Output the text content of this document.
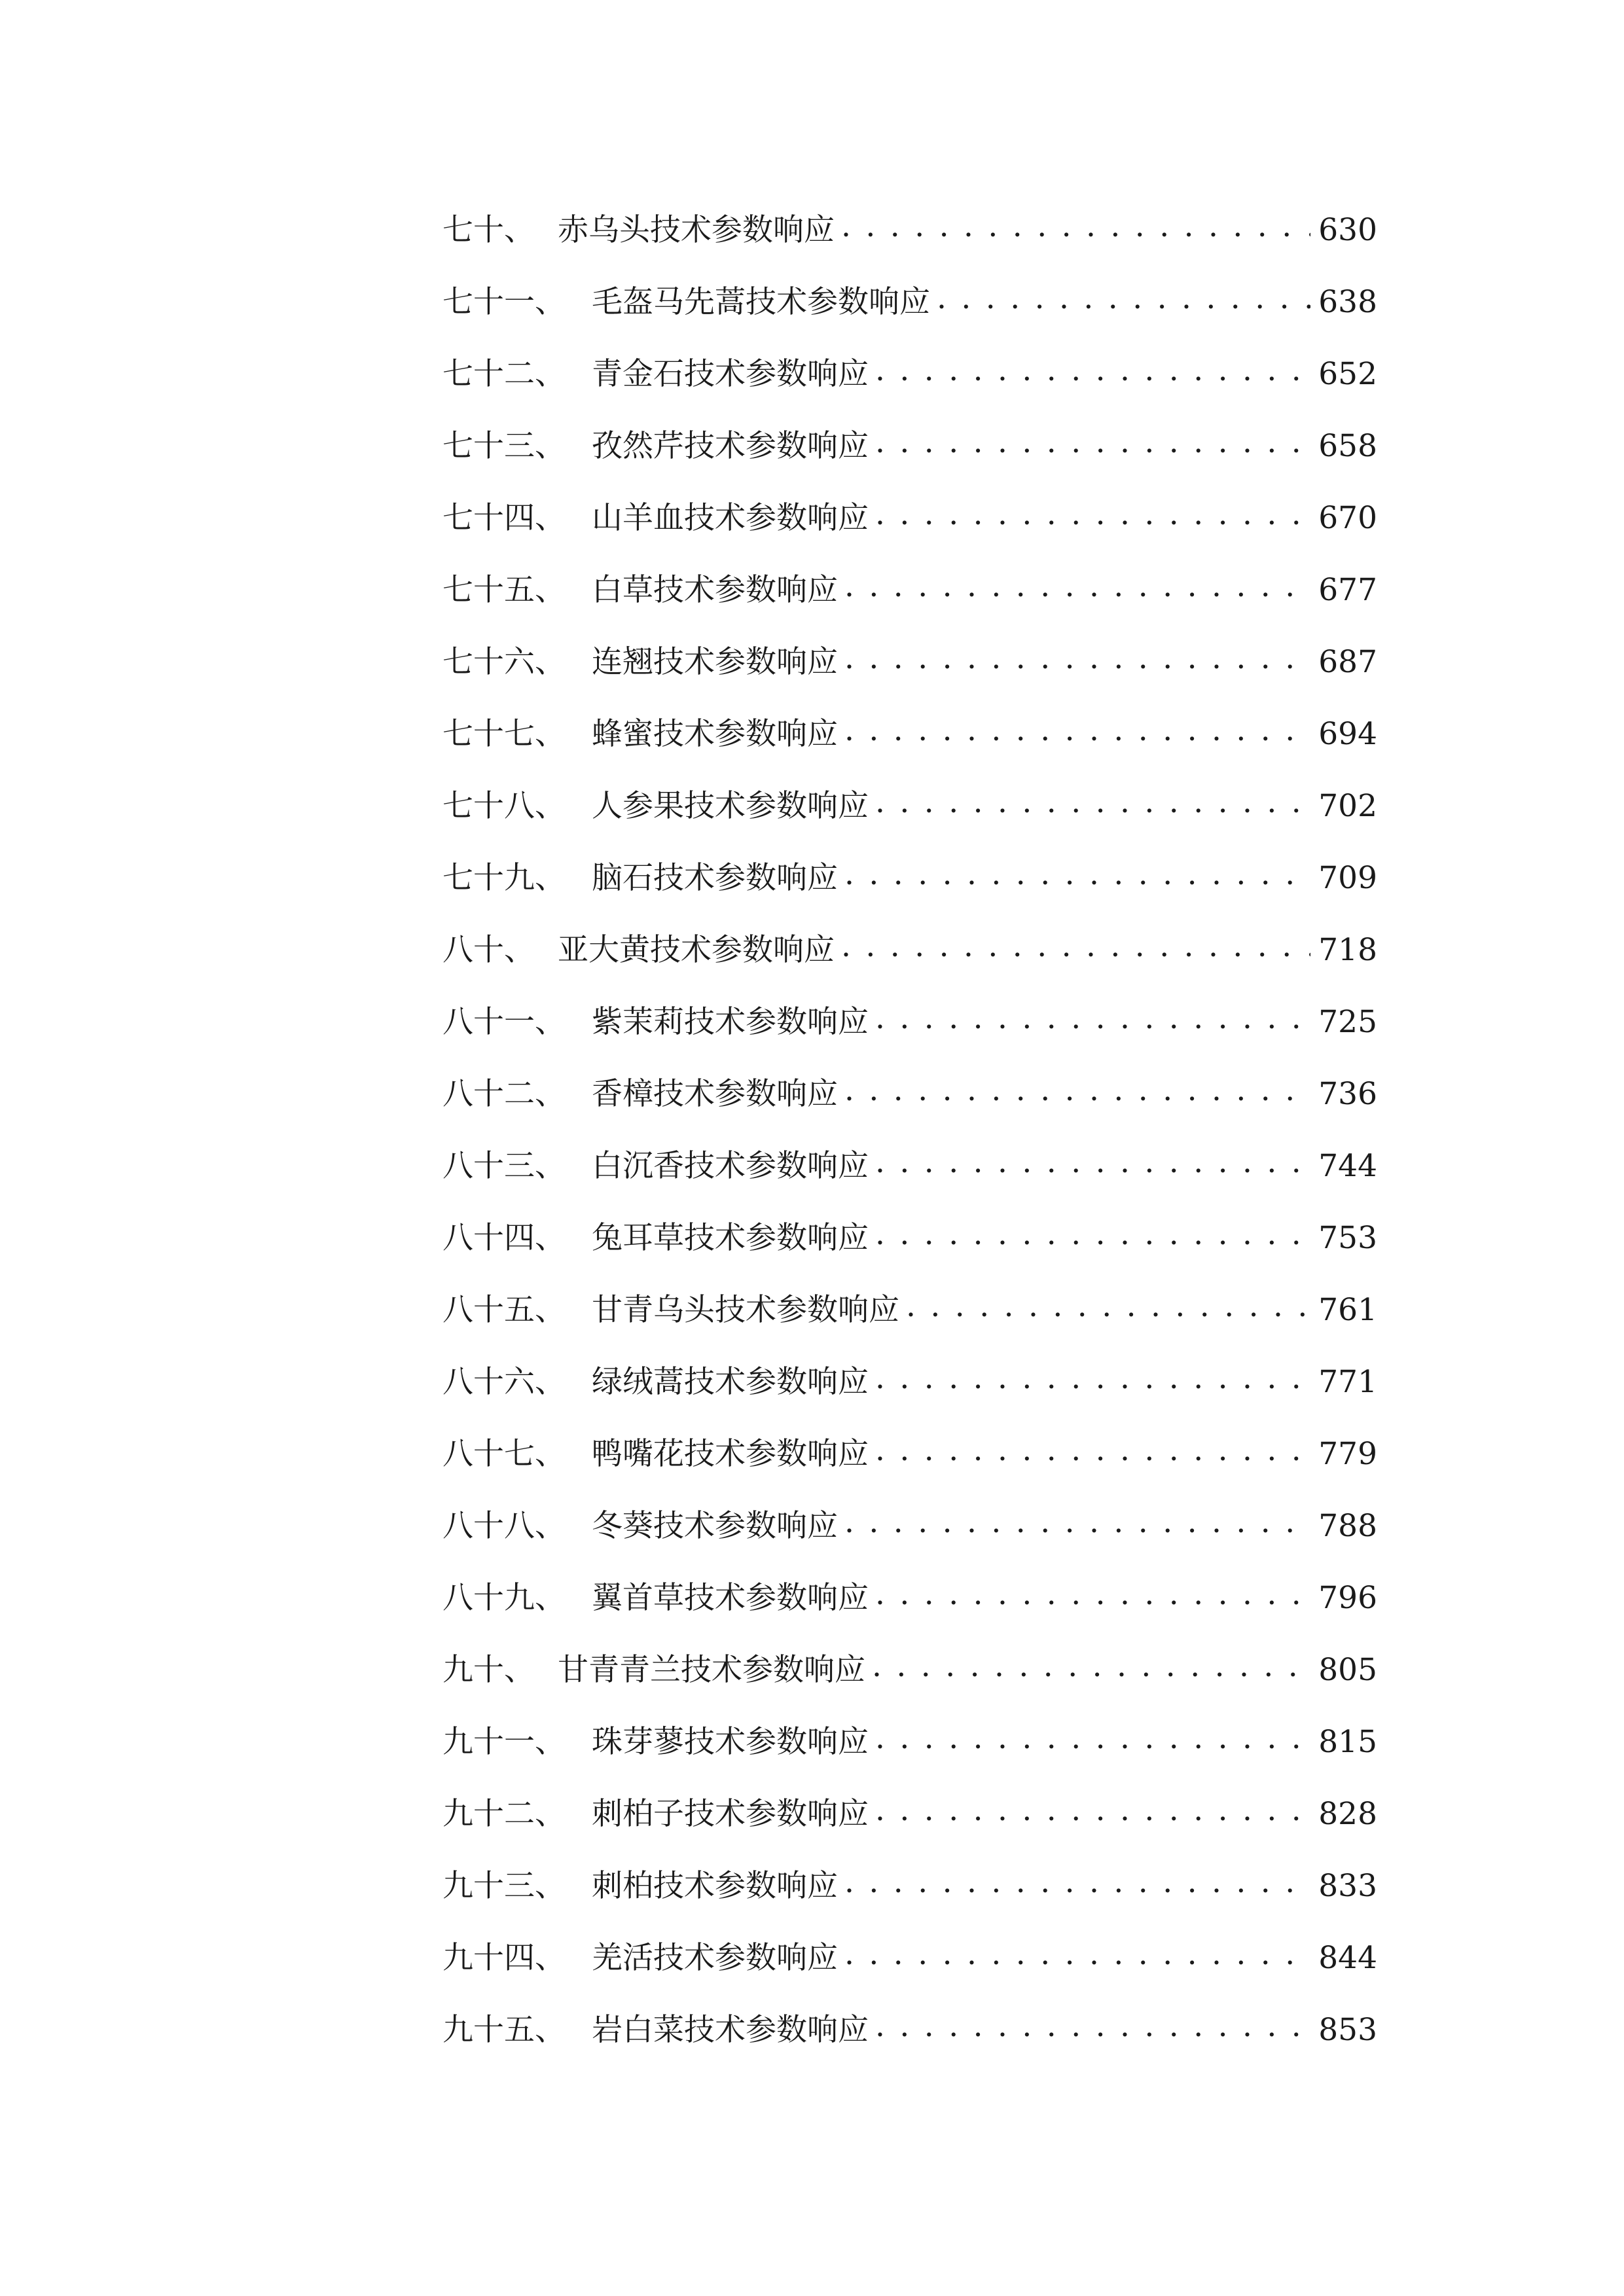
七十、 赤乌头技术参数响应 . . .	630
七十一、 毛盔马先蒿技术参数响应 . . .	638
七十二、 青金石技术参数响应 . . .	652
七十三、 孜然芹技术参数响应 . . .	658
七十四、 山羊血技术参数响应 . . .	670
七十五、 白草技术参数响应 . . .	677
七十六、 连翘技术参数响应 . . .	687
七十七、 蜂蜜技术参数响应 . . .	694
七十八、 人参果技术参数响应 . . .	702
七十九、 脑石技术参数响应 . . .	709
八十、 亚大黄技术参数响应 . . .	718
八十一、 紫茉莉技术参数响应 . . .	725
八十二、 香樟技术参数响应 . . .	736
八十三、 白沉香技术参数响应 . . .	744
八十四、 兔耳草技术参数响应 . . .	753
八十五、 甘青乌头技术参数响应 . . .	761
八十六、 绿绒蒿技术参数响应 . . .	771
八十七、 鸭嘴花技术参数响应 . . .	779
八十八、 冬葵技术参数响应 . . .	788
八十九、 翼首草技术参数响应 . . .	796
九十、 甘青青兰技术参数响应 . . .	805
九十一、 珠芽蓼技术参数响应 . . .	815
九十二、 刺柏子技术参数响应 . . .	828
九十三、 刺柏技术参数响应 . . .	833
九十四、 羌活技术参数响应 . . .	844
九十五、 岩白菜技术参数响应 . . .	853
